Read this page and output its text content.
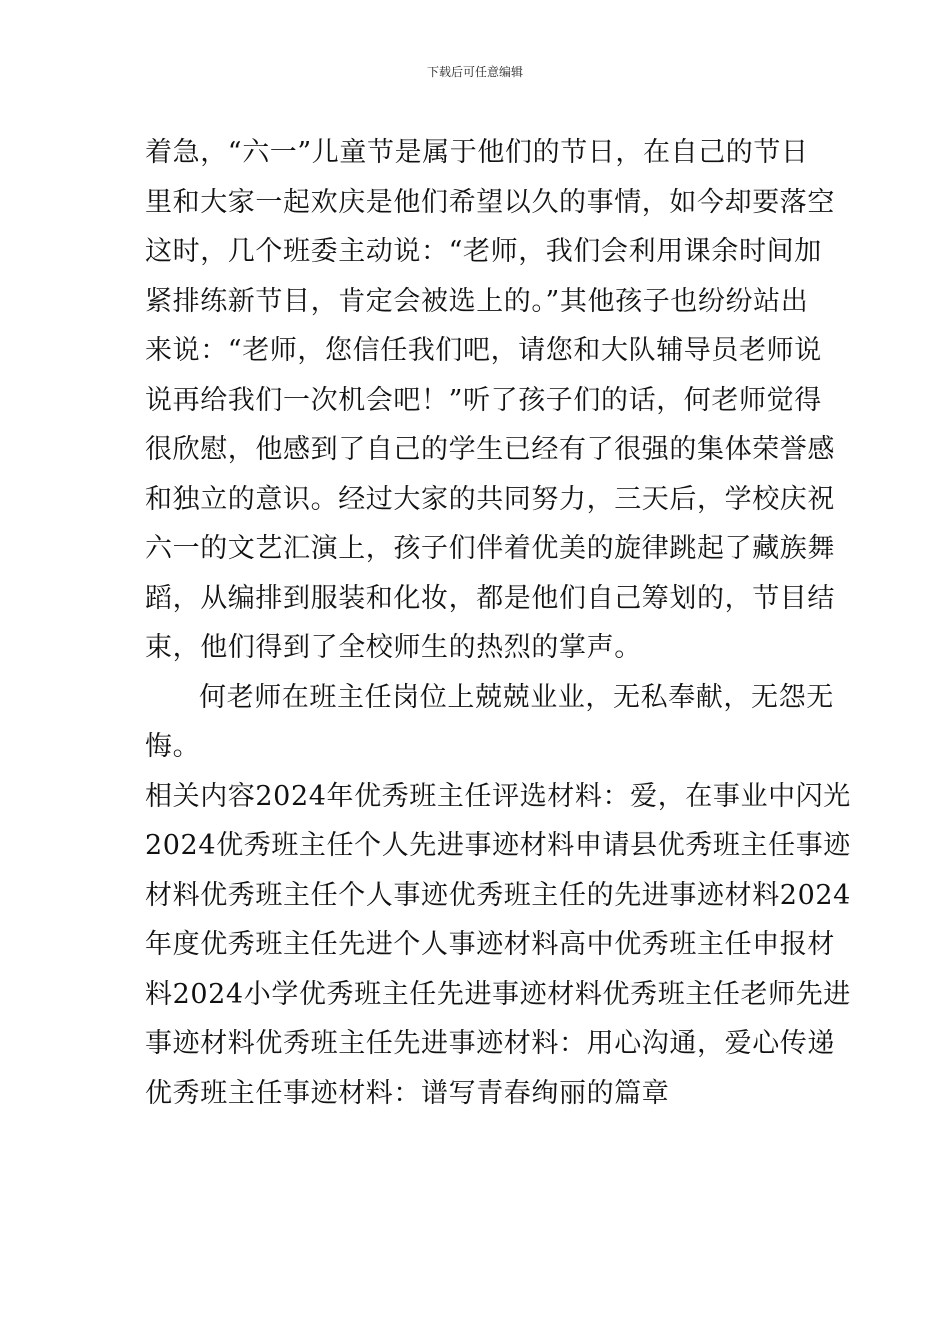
下载后可任意编辑
着急，“六一”儿童节是属于他们的节日，在自己的节日
里和大家一起欢庆是他们希望以久的事情，如今却要落空
这时，几个班委主动说：“老师，我们会利用课余时间加
紧排练新节目，肯定会被选上的。”其他孩子也纷纷站出
来说：“老师，您信任我们吧，请您和大队辅导员老师说
说再给我们一次机会吧！”听了孩子们的话，何老师觉得
很欣慰，他感到了自己的学生已经有了很强的集体荣誉感
和独立的意识。经过大家的共同努力，三天后，学校庆祝
六一的文艺汇演上，孩子们伴着优美的旋律跳起了藏族舞
蹈，从编排到服装和化妆，都是他们自己筹划的，节目结
束，他们得到了全校师生的热烈的掌声。
何老师在班主任岗位上兢兢业业，无私奉献，无怨无
悔。
相关内容2024年优秀班主任评选材料：爱，在事业中闪光
2024优秀班主任个人先进事迹材料申请县优秀班主任事迹
材料优秀班主任个人事迹优秀班主任的先进事迹材料2024
年度优秀班主任先进个人事迹材料高中优秀班主任申报材
料2024小学优秀班主任先进事迹材料优秀班主任老师先进
事迹材料优秀班主任先进事迹材料：用心沟通，爱心传递
优秀班主任事迹材料：谱写青春绚丽的篇章
